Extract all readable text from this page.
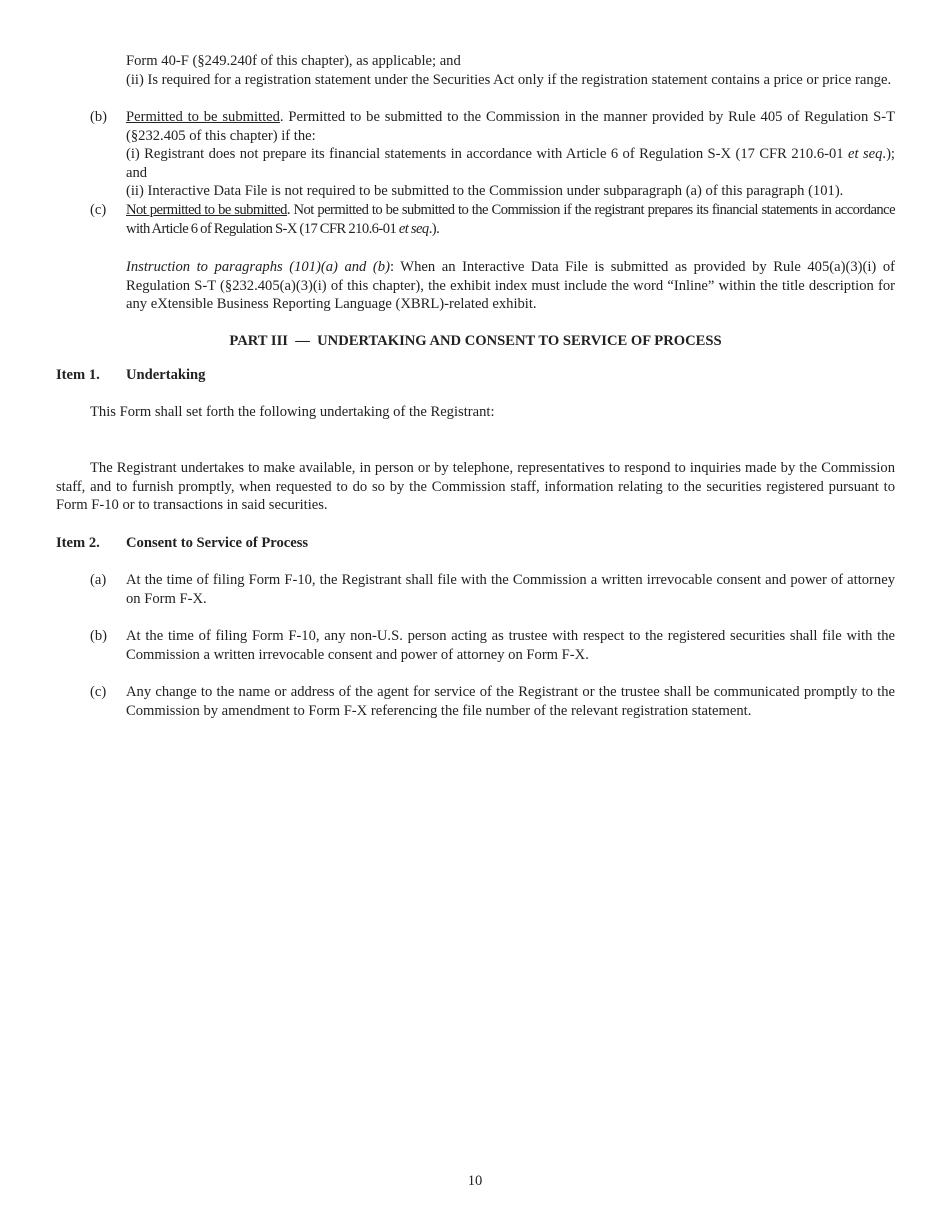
Form 40-F (§249.240f of this chapter), as applicable; and

(ii) Is required for a registration statement under the Securities Act only if the registration statement contains a price or price range.

(b)	Permitted to be submitted. Permitted to be submitted to the Commission in the manner provided by Rule 405 of Regulation S-T (§232.405 of this chapter) if the:

(i) Registrant does not prepare its financial statements in accordance with Article 6 of Regulation S-X (17 CFR 210.6-01 et seq.); and

(ii) Interactive Data File is not required to be submitted to the Commission under subparagraph (a) of this paragraph (101).

(c)	Not permitted to be submitted. Not permitted to be submitted to the Commission if the registrant prepares its financial statements in accordance with Article 6 of Regulation S-X (17 CFR 210.6-01 et seq.).

Instruction to paragraphs (101)(a) and (b): When an Interactive Data File is submitted as provided by Rule 405(a)(3)(i) of Regulation S-T (§232.405(a)(3)(i) of this chapter), the exhibit index must include the word “Inline” within the title description for any eXtensible Business Reporting Language (XBRL)-related exhibit.

PART III  —  UNDERTAKING AND CONSENT TO SERVICE OF PROCESS
Item 1. Undertaking
This Form shall set forth the following undertaking of the Registrant:

The Registrant undertakes to make available, in person or by telephone, representatives to respond to inquiries made by the Commission staff, and to furnish promptly, when requested to do so by the Commission staff, information relating to the securities registered pursuant to Form F-10 or to transactions in said securities.

Item 2. Consent to Service of Process
(a)	At the time of filing Form F-10, the Registrant shall file with the Commission a written irrevocable consent and power of attorney on Form F-X.

(b)	At the time of filing Form F-10, any non-U.S. person acting as trustee with respect to the registered securities shall file with the Commission a written irrevocable consent and power of attorney on Form F-X.

(c)	Any change to the name or address of the agent for service of the Registrant or the trustee shall be communicated promptly to the Commission by amendment to Form F-X referencing the file number of the relevant registration statement.

10
